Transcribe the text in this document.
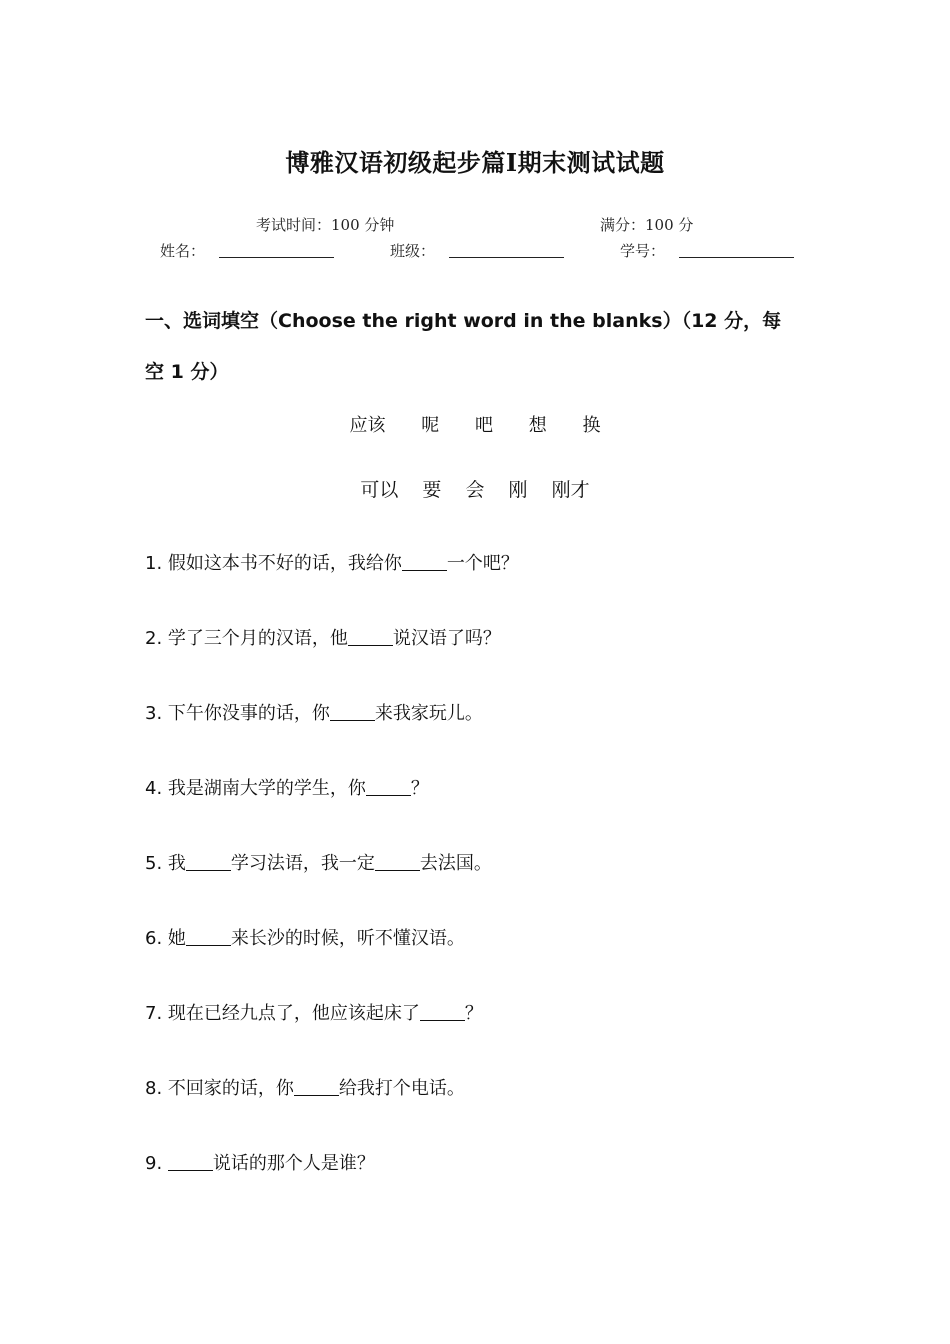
博雅汉语初级起步篇Ⅰ期末测试试题
考试时间：100 分钟	满分：100 分
姓名：	班级：	学号：
一、选词填空（Choose the right word in the blanks）（12 分，每空 1 分）
应该 呢 吧 想 换
可以 要 会 刚 刚才
1. 假如这本书不好的话，我给你	一个吧？
2. 学了三个月的汉语，他	说汉语了吗？
3. 下午你没事的话，你	来我家玩儿。
4. 我是湖南大学的学生，你	？
5. 我	学习法语，我一定	去法国。
6. 她	来长沙的时候，听不懂汉语。
7. 现在已经九点了，他应该起床了	？
8. 不回家的话，你	给我打个电话。
9.	说话的那个人是谁？
